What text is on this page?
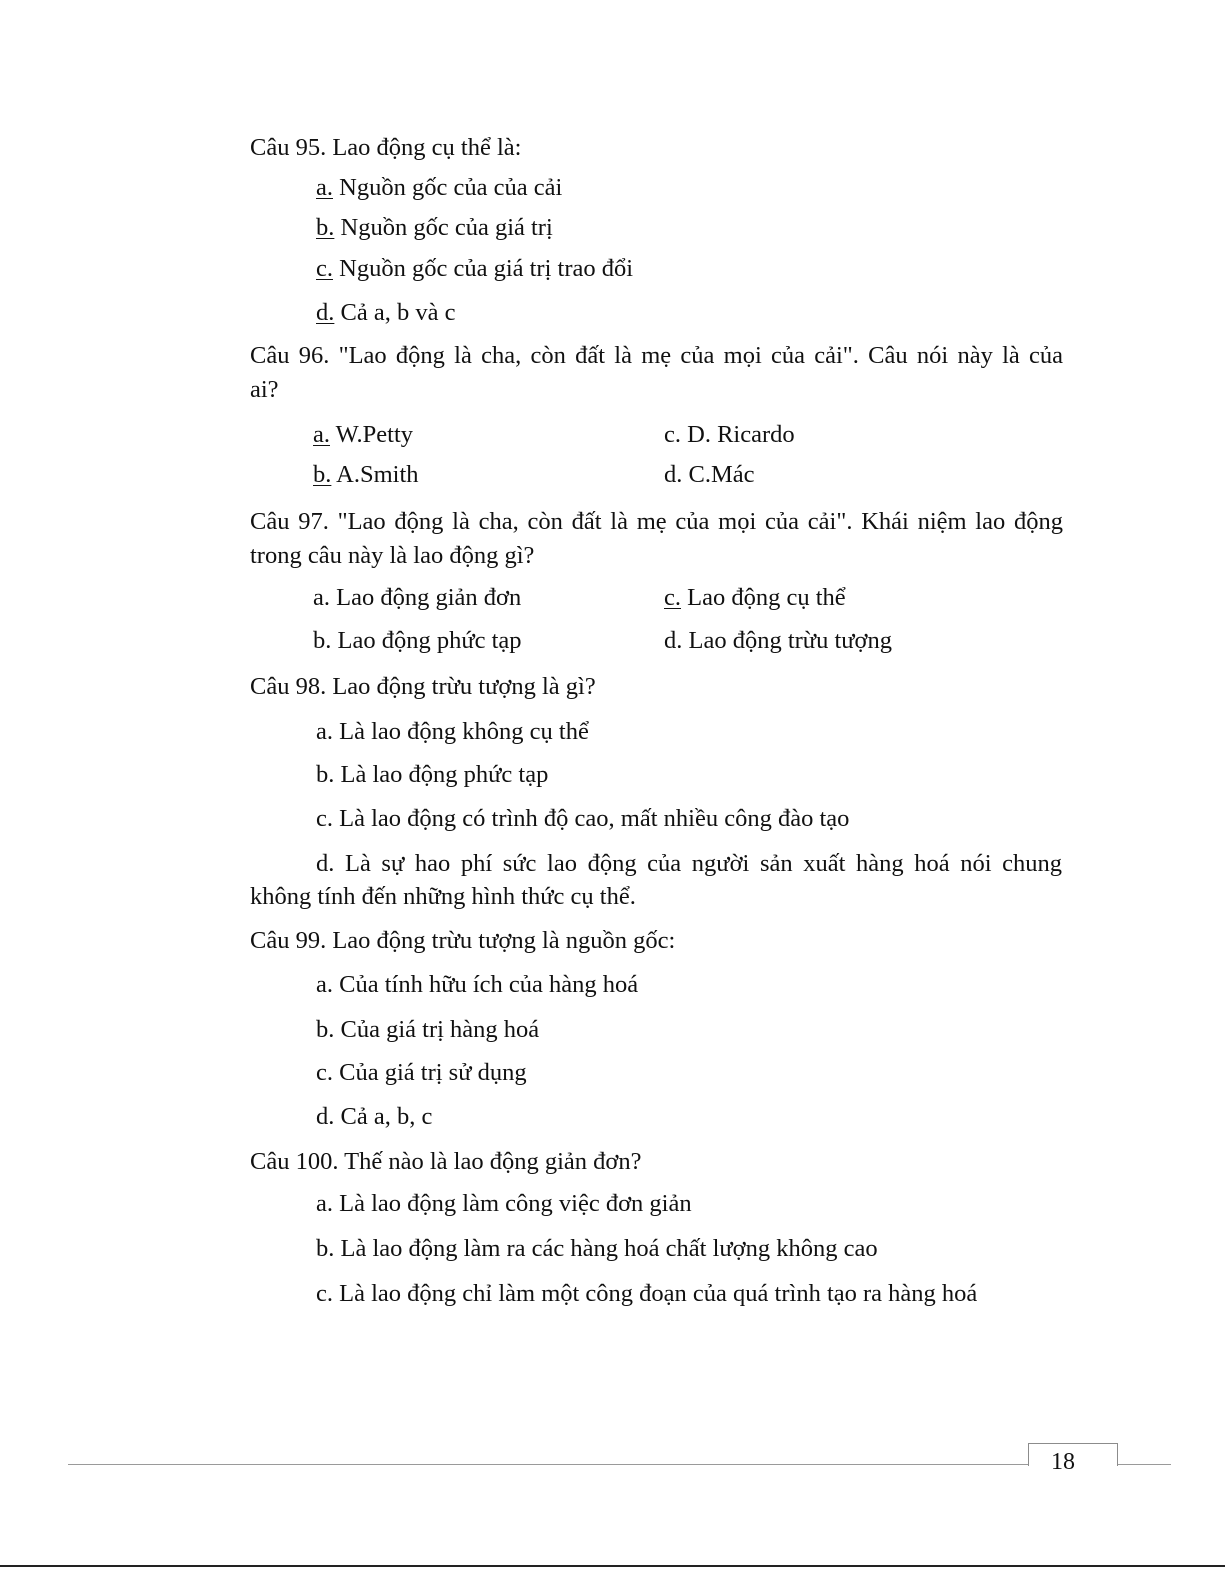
Câu 95. Lao động cụ thể là:
a. Nguồn gốc của của cải
b. Nguồn gốc của giá trị
c. Nguồn gốc của giá trị trao đổi
d. Cả a, b và c
Câu 96. "Lao động là cha, còn đất là mẹ của mọi của cải". Câu nói này là của
ai?
a. W.Petty	c. D. Ricardo
b. A.Smith	d. C.Mác
Câu 97. "Lao động là cha, còn đất là mẹ của mọi của cải". Khái niệm lao động
trong câu này là lao động gì?
a. Lao động giản đơn	c. Lao động cụ thể
b. Lao động phức tạp	d. Lao động trừu tượng
Câu 98. Lao động trừu tượng là gì?
a. Là lao động không cụ thể
b. Là lao động phức tạp
c. Là lao động có trình độ cao, mất nhiều công đào tạo
d. Là sự hao phí sức lao động của người sản xuất hàng hoá nói chung
không tính đến những hình thức cụ thể.
Câu 99. Lao động trừu tượng là nguồn gốc:
a. Của tính hữu ích của hàng hoá
b. Của giá trị hàng hoá
c. Của giá trị sử dụng
d. Cả a, b, c
Câu 100. Thế nào là lao động giản đơn?
a. Là lao động làm công việc đơn giản
b. Là lao động làm ra các hàng hoá chất lượng không cao
c. Là lao động chỉ làm một công đoạn của quá trình tạo ra hàng hoá
18
